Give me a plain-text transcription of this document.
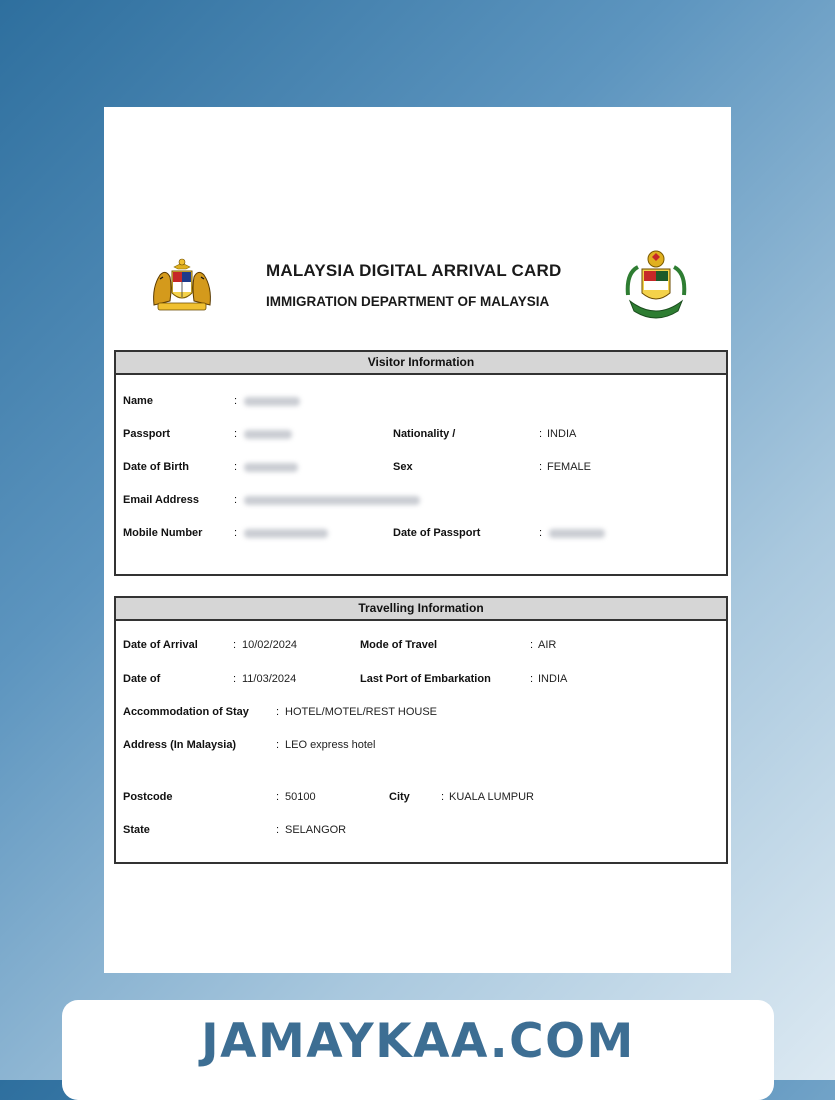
MALAYSIA DIGITAL ARRIVAL CARD
IMMIGRATION DEPARTMENT OF MALAYSIA
Visitor Information
Name	:
Passport	:	Nationality /	: INDIA
Date of Birth	:	Sex	: FEMALE
Email Address	:
Mobile Number	:	Date of Passport	:
Travelling Information
Date of Arrival	: 10/02/2024	Mode of Travel	: AIR
Date of	: 11/03/2024	Last Port of Embarkation	: INDIA
Accommodation of Stay : HOTEL/MOTEL/REST HOUSE
Address (In Malaysia)	: LEO express hotel
Postcode	: 50100	City	: KUALA LUMPUR
State	: SELANGOR
JAMAYKAA.COM
